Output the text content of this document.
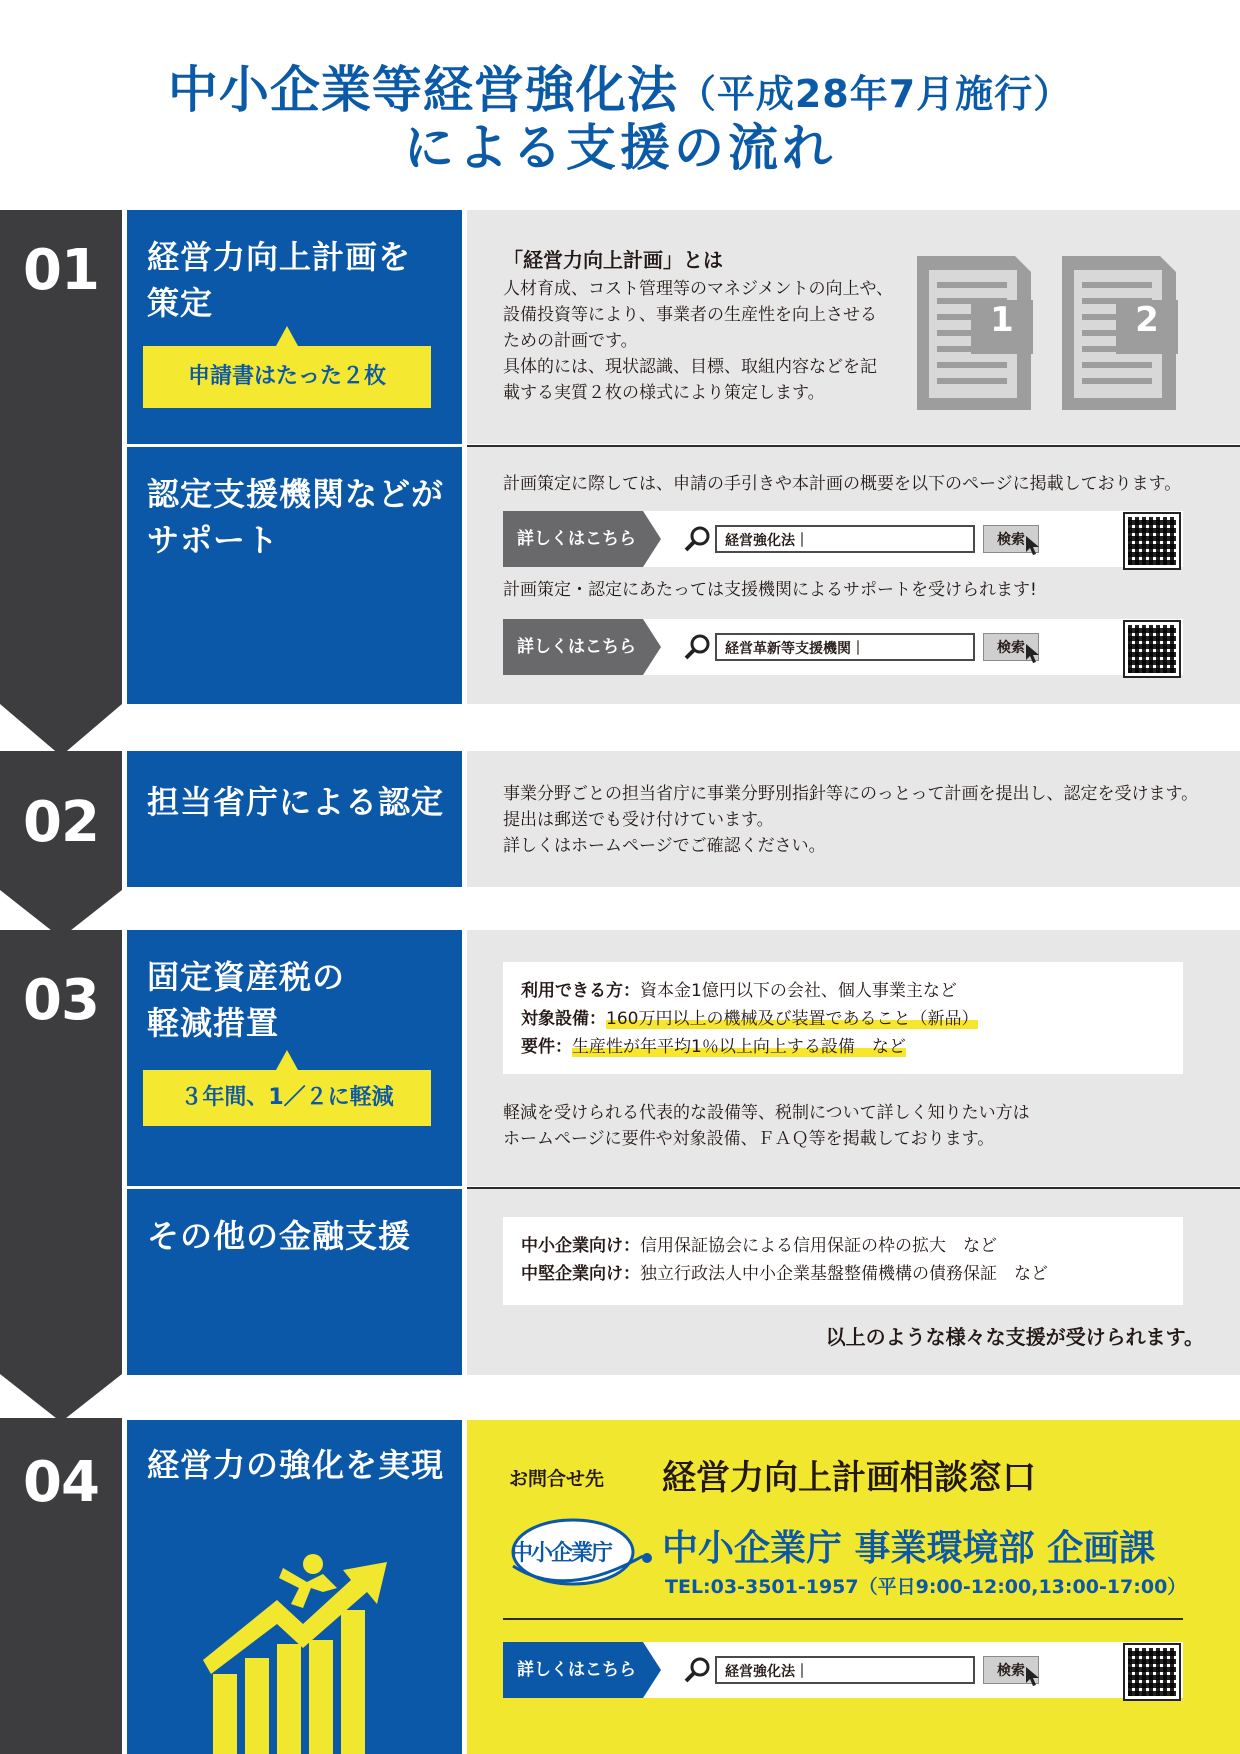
中小企業等経営強化法（平成28年7月施行）
による支援の流れ
01
02
03
04
経営力向上計画を
策定
申請書はたった２枚
「経営力向上計画」とは
人材育成、コスト管理等のマネジメントの向上や、
設備投資等により、事業者の生産性を向上させる
ための計画です。
具体的には、現状認識、目標、取組内容などを記
載する実質２枚の様式により策定します。
1	2
認定支援機関などが
サポート
計画策定に際しては、申請の手引きや本計画の概要を以下のページに掲載しております。
詳しくはこちら	経営強化法｜	検索
計画策定・認定にあたっては支援機関によるサポートを受けられます!
詳しくはこちら	経営革新等支援機関｜	検索
担当省庁による認定	事業分野ごとの担当省庁に事業分野別指針等にのっとって計画を提出し、認定を受けます。
提出は郵送でも受け付けています。
詳しくはホームページでご確認ください。
固定資産税の
軽減措置
３年間、1／２に軽減
利用できる方：資本金1億円以下の会社、個人事業主など
対象設備：160万円以上の機械及び装置であること（新品）
要件：生産性が年平均1％以上向上する設備　など
軽減を受けられる代表的な設備等、税制について詳しく知りたい方は
ホームページに要件や対象設備、ＦＡＱ等を掲載しております。
その他の金融支援	中小企業向け：信用保証協会による信用保証の枠の拡大　など
中堅企業向け：独立行政法人中小企業基盤整備機構の債務保証　など
以上のような様々な支援が受けられます。
経営力の強化を実現	お問合せ先 経営力向上計画相談窓口
中小企業庁 中小企業庁 事業環境部 企画課
TEL:03-3501-1957（平日9:00-12:00,13:00-17:00）
詳しくはこちら	経営強化法｜	検索
